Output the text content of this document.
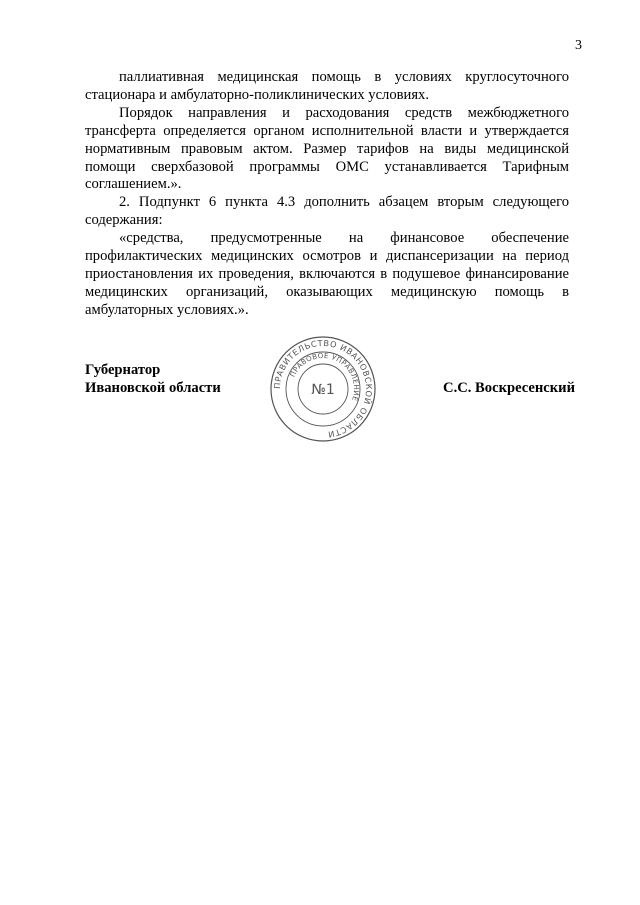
3

паллиативная медицинская помощь в условиях круглосуточного стационара и амбулаторно-поликлинических условиях.

Порядок направления и расходования средств межбюджетного трансферта определяется органом исполнительной власти и утверждается нормативным правовым актом. Размер тарифов на виды медицинской помощи сверхбазовой программы ОМС устанавливается Тарифным соглашением.».

2. Подпункт 6 пункта 4.3 дополнить абзацем вторым следующего содержания:

«средства, предусмотренные на финансовое обеспечение профилактических медицинских осмотров и диспансеризации на период приостановления их проведения, включаются в подушевое финансирование медицинских организаций, оказывающих медицинскую помощь в амбулаторных условиях.».

Губернатор
Ивановской области	ПРАВИТЕЛЬСТВО ИВАНОВСКОЙ ОБЛАСТИ
ПРАВОВОЕ УПРАВЛЕНИЕ
№1	С.С. Воскресенский
